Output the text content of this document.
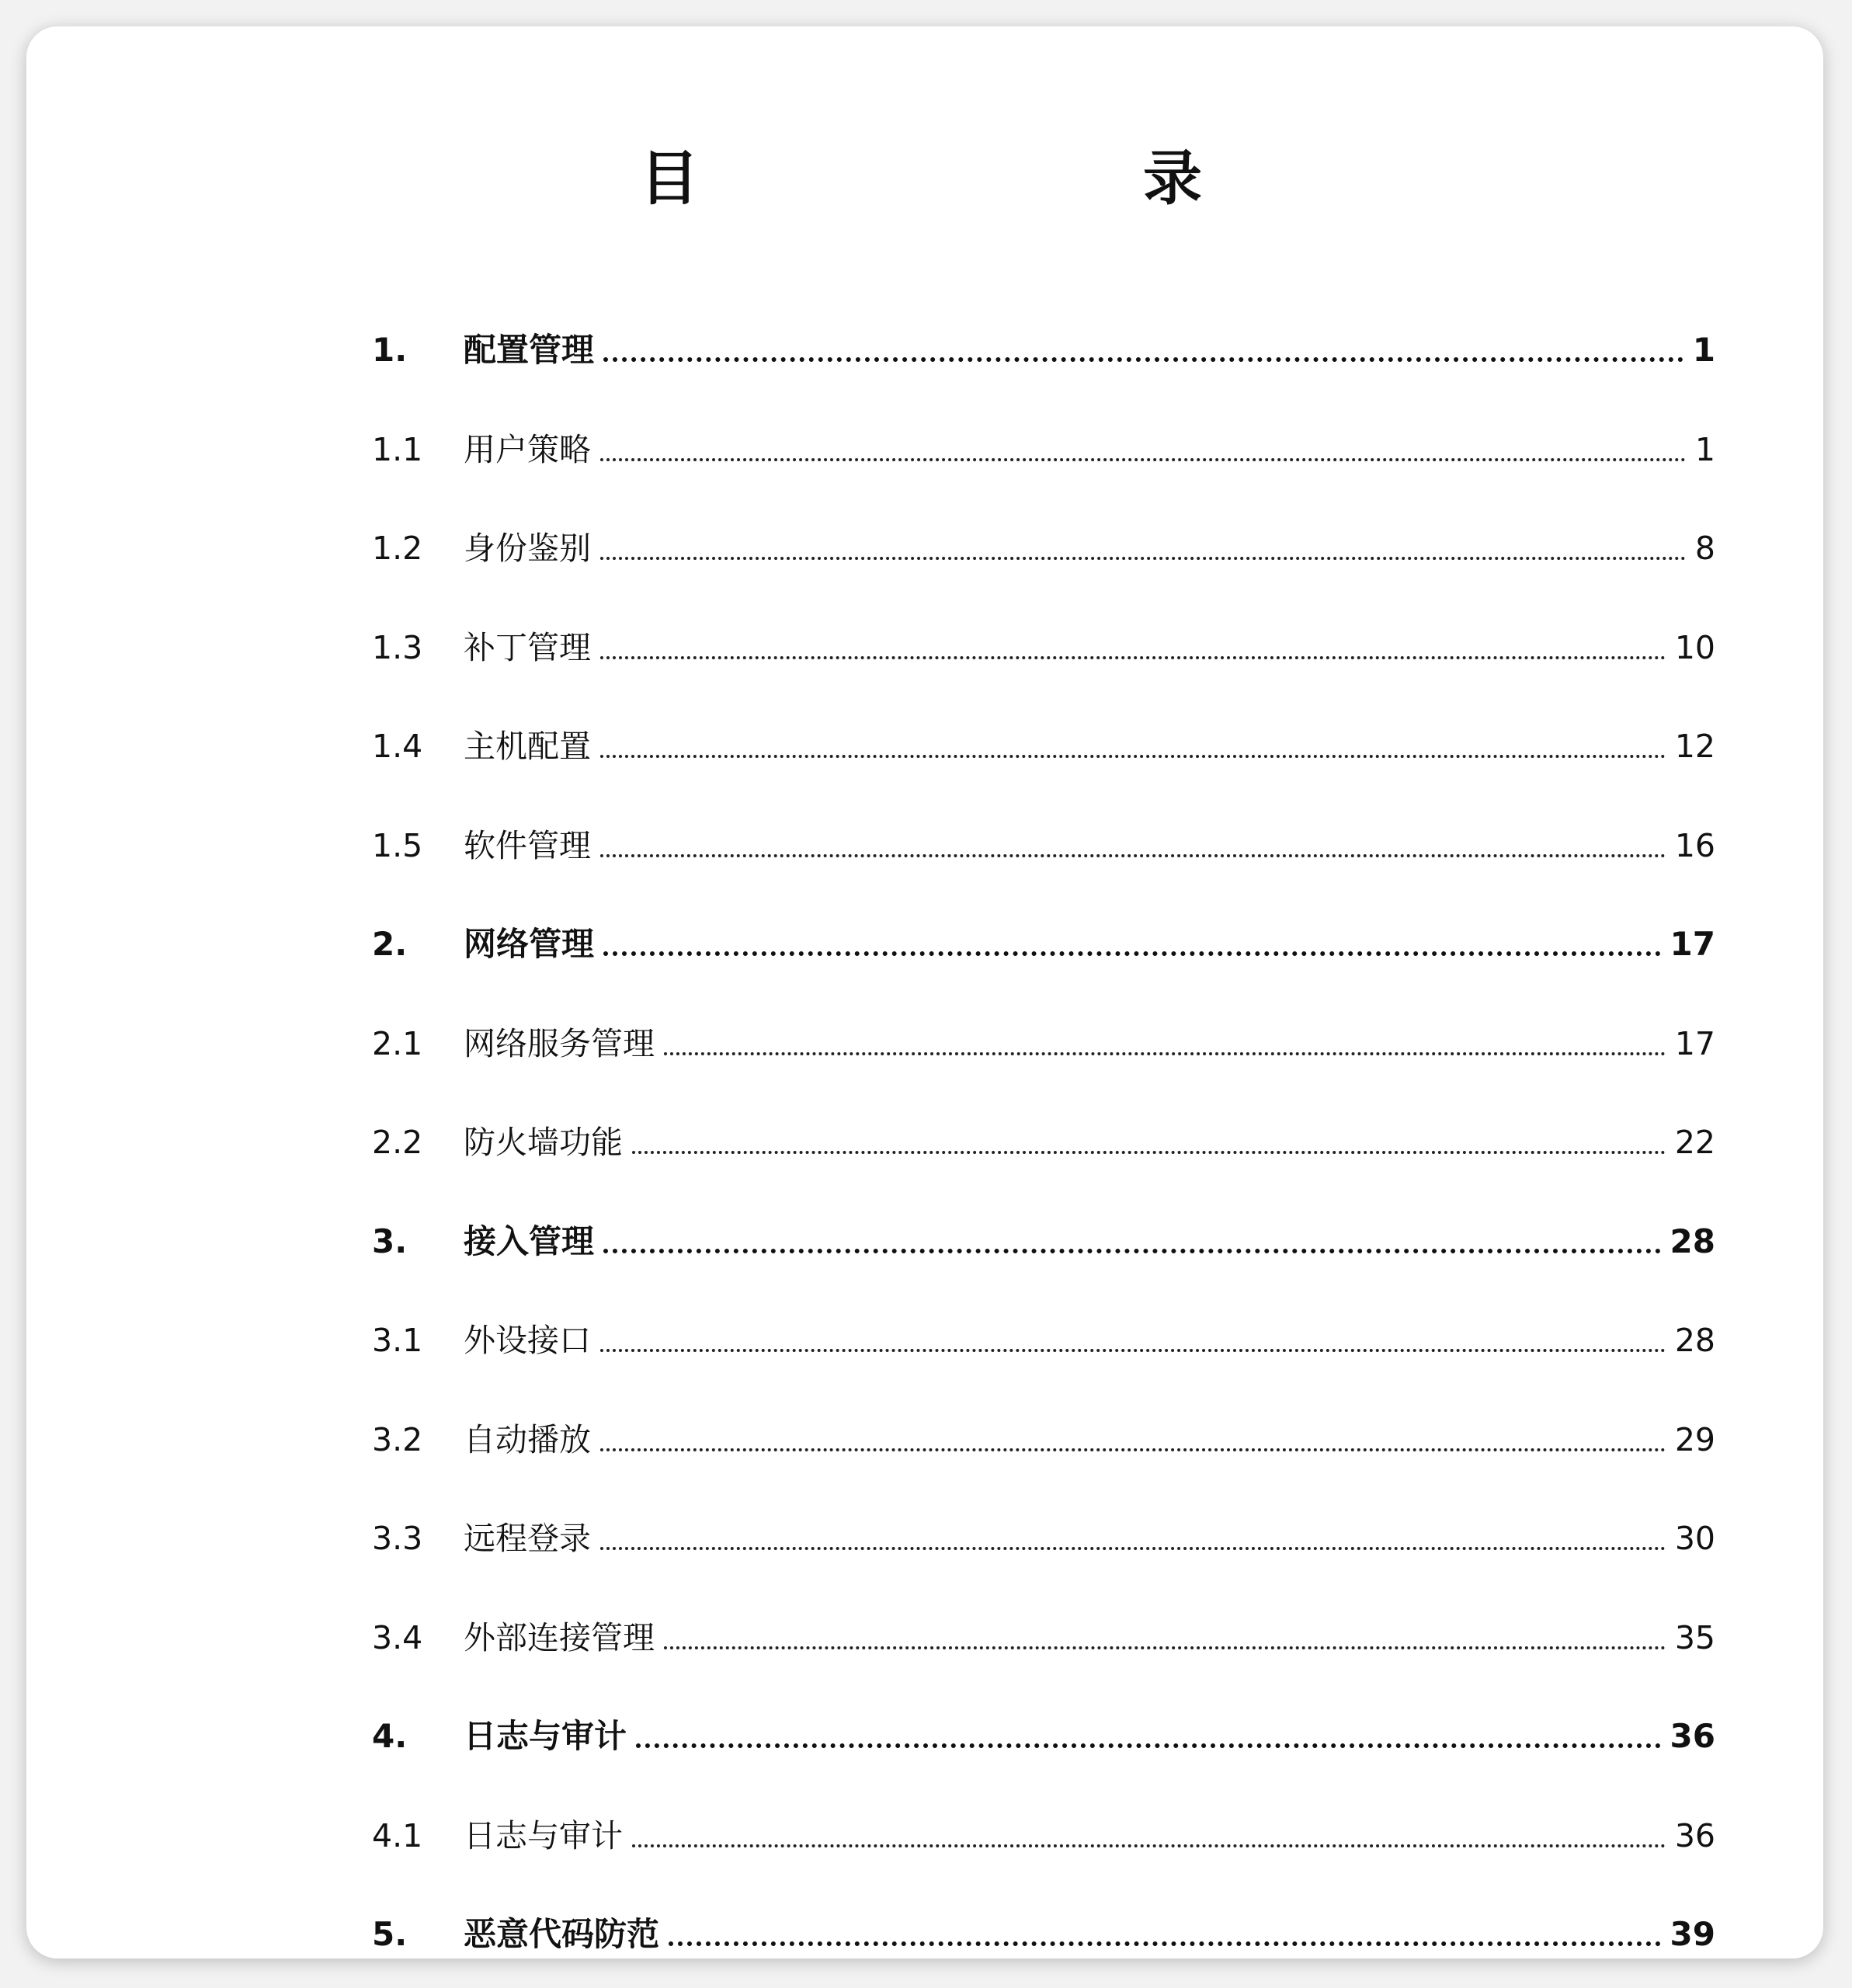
目　　录
1.	配置管理	1
1.1	用户策略	1
1.2	身份鉴别	8
1.3	补丁管理	10
1.4	主机配置	12
1.5	软件管理	16
2.	网络管理	17
2.1	网络服务管理	17
2.2	防火墙功能	22
3.	接入管理	28
3.1	外设接口	28
3.2	自动播放	29
3.3	远程登录	30
3.4	外部连接管理	35
4.	日志与审计	36
4.1	日志与审计	36
5.	恶意代码防范	39
